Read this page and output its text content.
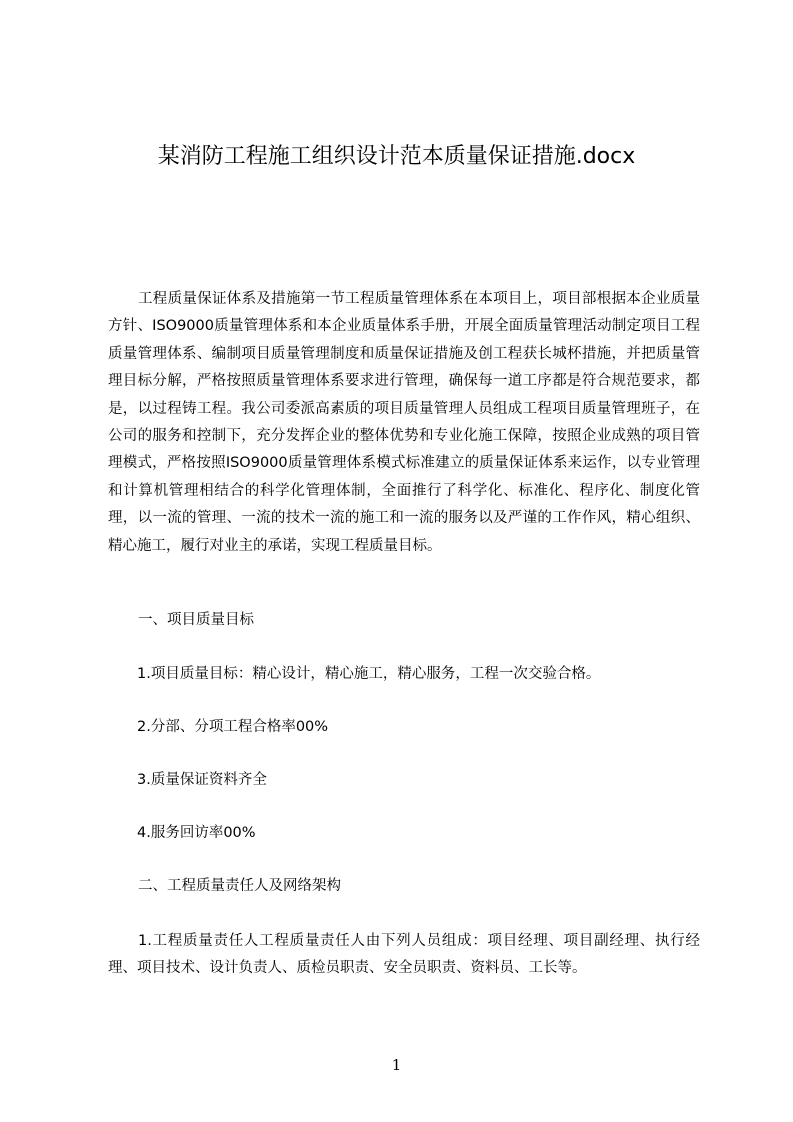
某消防工程施工组织设计范本质量保证措施.docx

工程质量保证体系及措施第一节工程质量管理体系在本项目上，项目部根据本企业质量方针、ISO9000质量管理体系和本企业质量体系手册，开展全面质量管理活动制定项目工程质量管理体系、编制项目质量管理制度和质量保证措施及创工程获长城杯措施，并把质量管理目标分解，严格按照质量管理体系要求进行管理，确保每一道工序都是符合规范要求，都是，以过程铸工程。我公司委派高素质的项目质量管理人员组成工程项目质量管理班子，在公司的服务和控制下，充分发挥企业的整体优势和专业化施工保障，按照企业成熟的项目管理模式，严格按照ISO9000质量管理体系模式标准建立的质量保证体系来运作，以专业管理和计算机管理相结合的科学化管理体制，全面推行了科学化、标准化、程序化、制度化管理，以一流的管理、一流的技术一流的施工和一流的服务以及严谨的工作作风，精心组织、精心施工，履行对业主的承诺，实现工程质量目标。

一、项目质量目标

1.项目质量目标：精心设计，精心施工，精心服务，工程一次交验合格。

2.分部、分项工程合格率00%

3.质量保证资料齐全

4.服务回访率00%

二、工程质量责任人及网络架构

1.工程质量责任人工程质量责任人由下列人员组成：项目经理、项目副经理、执行经理、项目技术、设计负责人、质检员职责、安全员职责、资料员、工长等。

1
